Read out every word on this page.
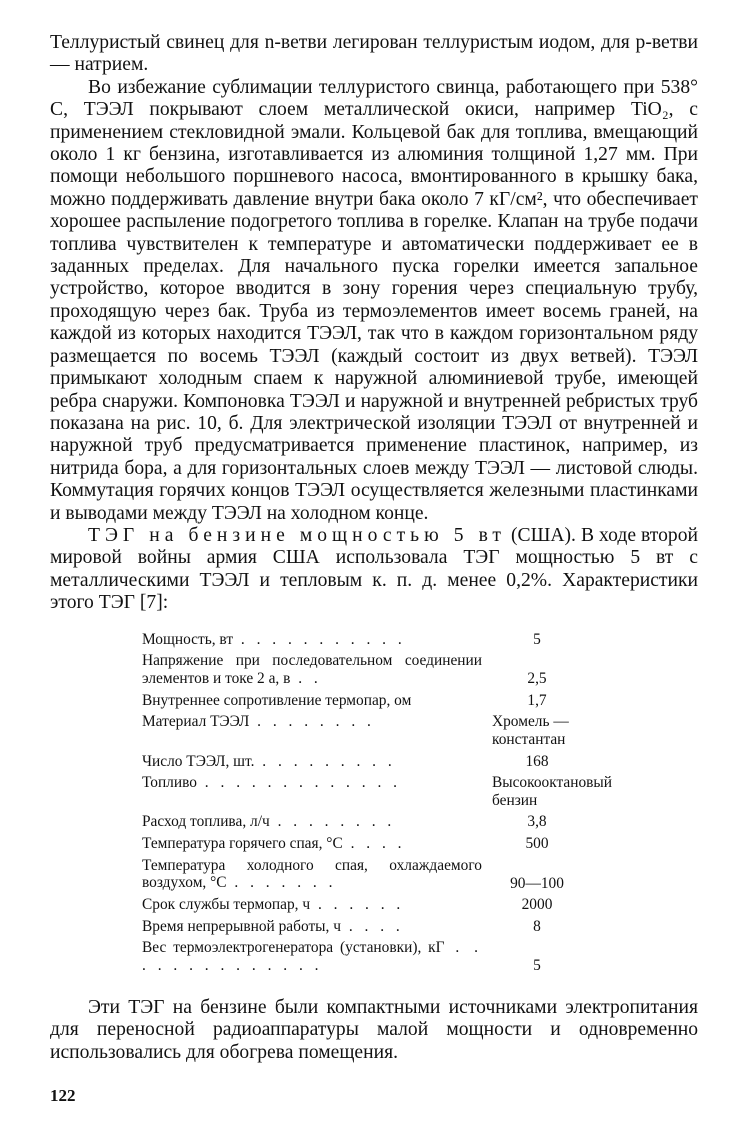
Теллуристый свинец для n-ветви легирован теллуристым иодом, для p-ветви — натрием.

Во избежание сублимации теллуристого свинца, работающего при 538° С, ТЭЭЛ покрывают слоем металлической окиси, например TiO₂, с применением стекловидной эмали. Кольцевой бак для топлива, вмещающий около 1 кг бензина, изготавливается из алюминия толщиной 1,27 мм. При помощи небольшого поршневого насоса, вмонтированного в крышку бака, можно поддерживать давление внутри бака около 7 кГ/см², что обеспечивает хорошее распыление подогретого топлива в горелке. Клапан на трубе подачи топлива чувствителен к температуре и автоматически поддерживает ее в заданных пределах. Для начального пуска горелки имеется запальное устройство, которое вводится в зону горения через специальную трубу, проходящую через бак. Труба из термоэлементов имеет восемь граней, на каждой из которых находится ТЭЭЛ, так что в каждом горизонтальном ряду размещается по восемь ТЭЭЛ (каждый состоит из двух ветвей). ТЭЭЛ примыкают холодным спаем к наружной алюминиевой трубе, имеющей ребра снаружи. Компоновка ТЭЭЛ и наружной и внутренней ребристых труб показана на рис. 10, б. Для электрической изоляции ТЭЭЛ от внутренней и наружной труб предусматривается применение пластинок, например, из нитрида бора, а для горизонтальных слоев между ТЭЭЛ — листовой слюды. Коммутация горячих концов ТЭЭЛ осуществляется железными пластинками и выводами между ТЭЭЛ на холодном конце.

ТЭГ на бензине мощностью 5 вт (США). В ходе второй мировой войны армия США использовала ТЭГ мощностью 5 вт с металлическими ТЭЭЛ и тепловым к. п. д. менее 0,2%. Характеристики этого ТЭГ [7]:

Мощность, вт . . . . . . . . . . .	5
Напряжение при последовательном соединении элементов и токе 2 а, в . .	2,5
Внутреннее сопротивление термопар, ом	1,7
Материал ТЭЭЛ . . . . . . . .	Хромель — константан
Число ТЭЭЛ, шт. . . . . . . . . .	168
Топливо . . . . . . . . . . . . .	Высокооктановый бензин
Расход топлива, л/ч . . . . . . . .	3,8
Температура горячего спая, °С . . . .	500
Температура холодного спая, охлаждаемого воздухом, °С . . . . . . .	90—100
Срок службы термопар, ч . . . . . .	2000
Время непрерывной работы, ч . . . .	8
Вес термоэлектрогенератора (установки), кГ . . . . . . . . . . . . . .	5

Эти ТЭГ на бензине были компактными источниками электропитания для переносной радиоаппаратуры малой мощности и одновременно использовались для обогрева помещения.

122
